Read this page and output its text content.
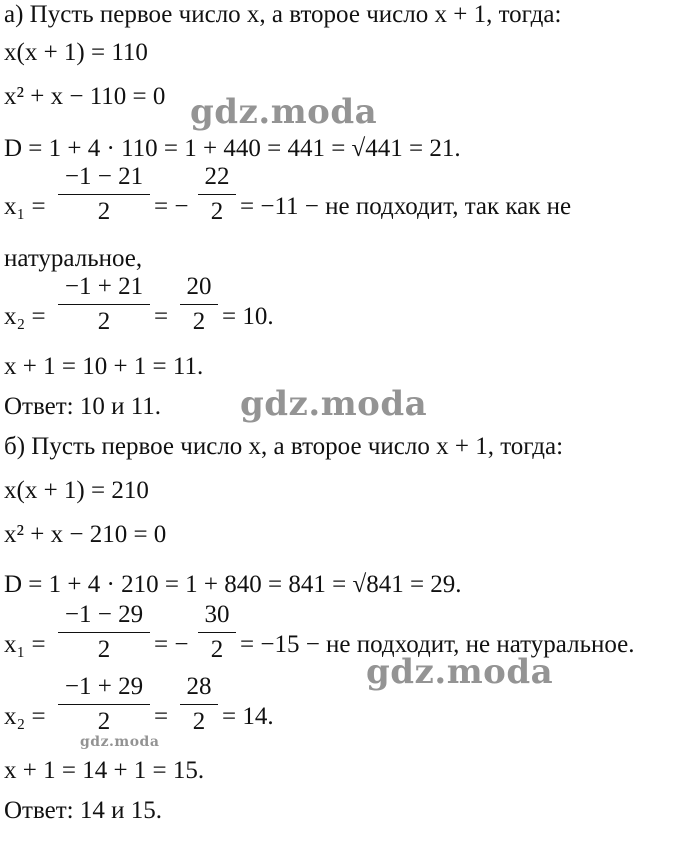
а) Пусть первое число x, а второе число x + 1, тогда:
x(x + 1) = 110
x² + x − 110 = 0
D = 1 + 4 · 110 = 1 + 440 = 441 = √441 = 21.
x₁ =
−1 − 21
2	= −
22
2 = −11 − не подходит, так как не
натуральное,
x₂ =
−1 + 21
2	=
20
2 = 10.
x + 1 = 10 + 1 = 11.
Ответ: 10 и 11.
б) Пусть первое число x, а второе число x + 1, тогда:
x(x + 1) = 210
x² + x − 210 = 0
D = 1 + 4 · 210 = 1 + 840 = 841 = √841 = 29.
x₁ =
−1 − 29
2	= −
30
2 = −15 − не подходит, не натуральное.
x₂ =
−1 + 29
2	=
28
2 = 14.
x + 1 = 14 + 1 = 15.
Ответ: 14 и 15.
gdz.moda
gdz.moda
gdz.moda
gdz.moda
